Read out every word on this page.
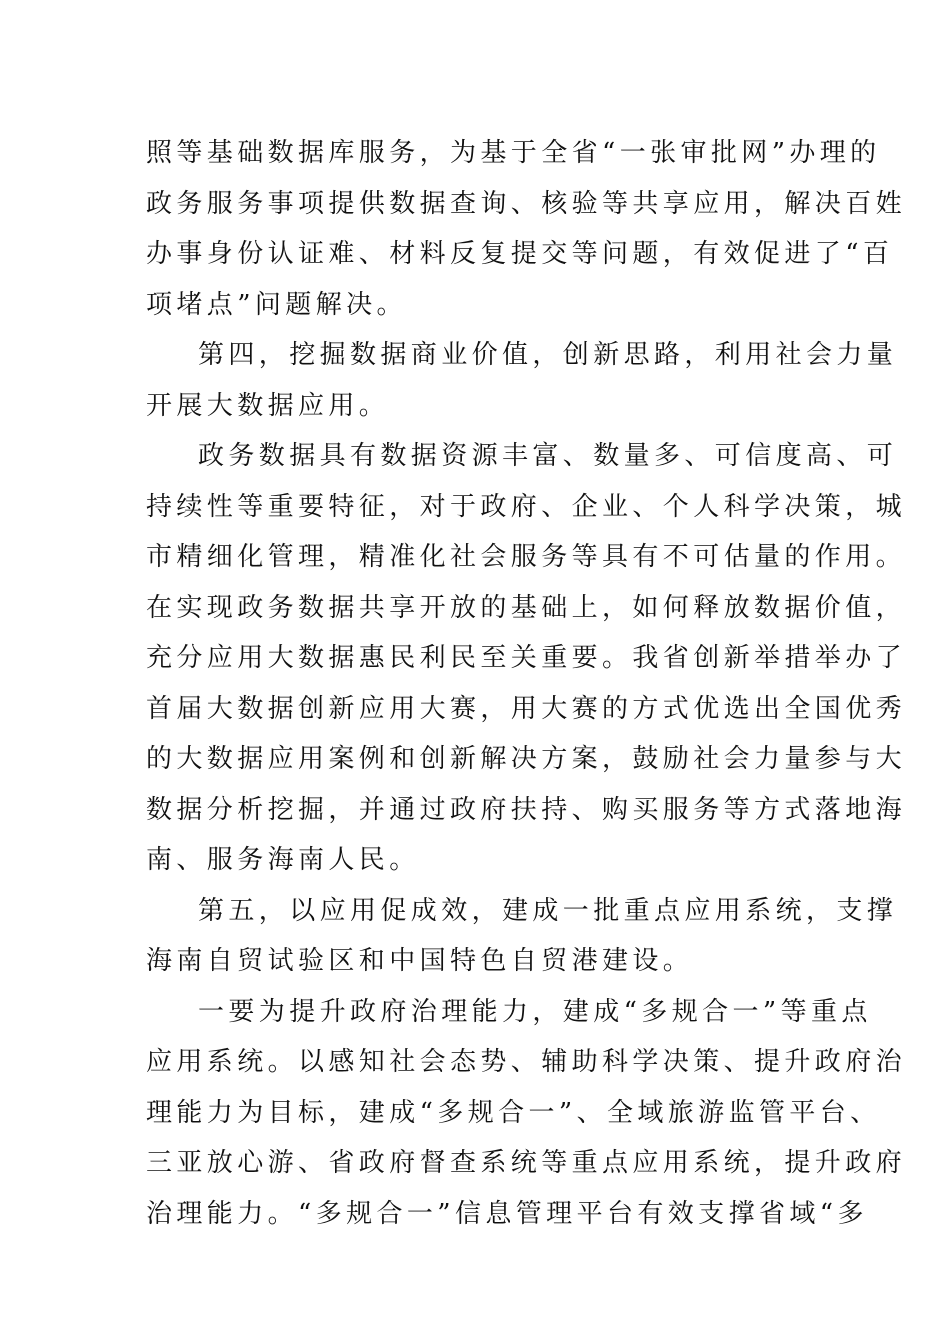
照等基础数据库服务，为基于全省“一张审批网”办理的
政务服务事项提供数据查询、核验等共享应用，解决百姓
办事身份认证难、材料反复提交等问题，有效促进了“百
项堵点”问题解决。
第四，挖掘数据商业价值，创新思路，利用社会力量
开展大数据应用。
政务数据具有数据资源丰富、数量多、可信度高、可
持续性等重要特征，对于政府、企业、个人科学决策，城
市精细化管理，精准化社会服务等具有不可估量的作用。
在实现政务数据共享开放的基础上，如何释放数据价值，
充分应用大数据惠民利民至关重要。我省创新举措举办了
首届大数据创新应用大赛，用大赛的方式优选出全国优秀
的大数据应用案例和创新解决方案，鼓励社会力量参与大
数据分析挖掘，并通过政府扶持、购买服务等方式落地海
南、服务海南人民。
第五，以应用促成效，建成一批重点应用系统，支撑
海南自贸试验区和中国特色自贸港建设。
一要为提升政府治理能力，建成“多规合一”等重点
应用系统。以感知社会态势、辅助科学决策、提升政府治
理能力为目标，建成“多规合一”、全域旅游监管平台、
三亚放心游、省政府督查系统等重点应用系统，提升政府
治理能力。“多规合一”信息管理平台有效支撑省域“多
